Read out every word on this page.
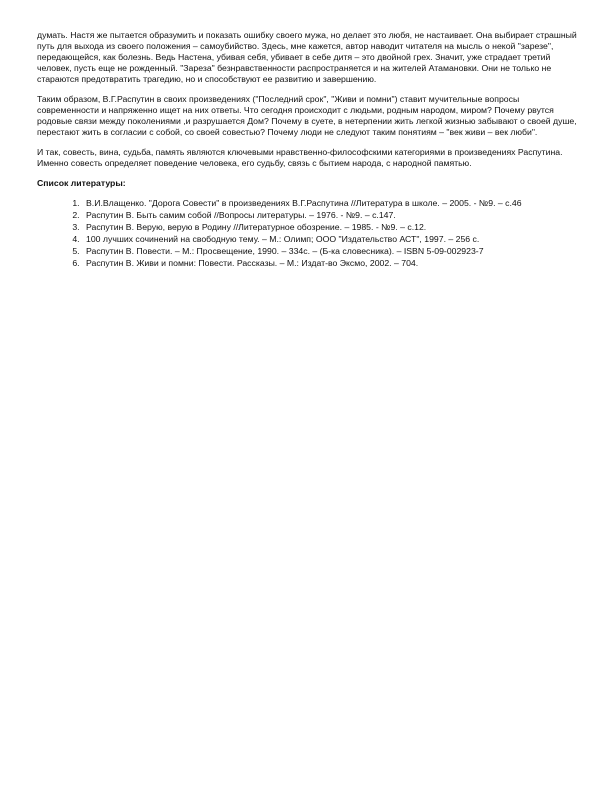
думать. Настя же пытается образумить и показать ошибку своего мужа, но делает это любя, не настаивает. Она выбирает страшный путь для выхода из своего положения – самоубийство. Здесь, мне кажется, автор наводит читателя на мысль о некой "зарезе", передающейся, как болезнь. Ведь Настена, убивая себя, убивает в себе дитя – это двойной грех. Значит, уже страдает третий человек, пусть еще не рожденный. "Зареза" безнравственности распространяется и на жителей Атамановки. Они не только не стараются предотвратить трагедию, но и способствуют ее развитию и завершению.

Таким образом, В.Г.Распутин в своих произведениях ("Последний срок", "Живи и помни") ставит мучительные вопросы современности и напряженно ищет на них ответы. Что сегодня происходит с людьми, родным народом, миром? Почему рвутся родовые связи между поколениями ,и разрушается Дом? Почему в суете, в нетерпении жить легкой жизнью забывают о своей душе, перестают жить в согласии с собой, со своей совестью? Почему люди не следуют таким понятиям – "век живи – век люби".

И так, совесть, вина, судьба, память являются ключевыми нравственно-философскими категориями в произведениях Распутина. Именно совесть определяет поведение человека, его судьбу, связь с бытием народа, с народной памятью.

Список литературы:

1. В.И.Влащенко. "Дорога Совести" в произведениях В.Г.Распутина //Литература в школе. – 2005. - №9. – с.46
2. Распутин В. Быть самим собой //Вопросы литературы. – 1976. - №9. – с.147.
3. Распутин В. Верую, верую в Родину //Литературное обозрение. – 1985. - №9. – с.12.
4. 100 лучших сочинений на свободную тему. – М.: Олимп; ООО "Издательство АСТ", 1997. – 256 с.
5. Распутин В. Повести. – М.: Просвещение, 1990. – 334с. – (Б-ка словесника). – ISBN 5-09-002923-7
6. Распутин В. Живи и помни: Повести. Рассказы. – М.: Издат-во Эксмо, 2002. – 704.
